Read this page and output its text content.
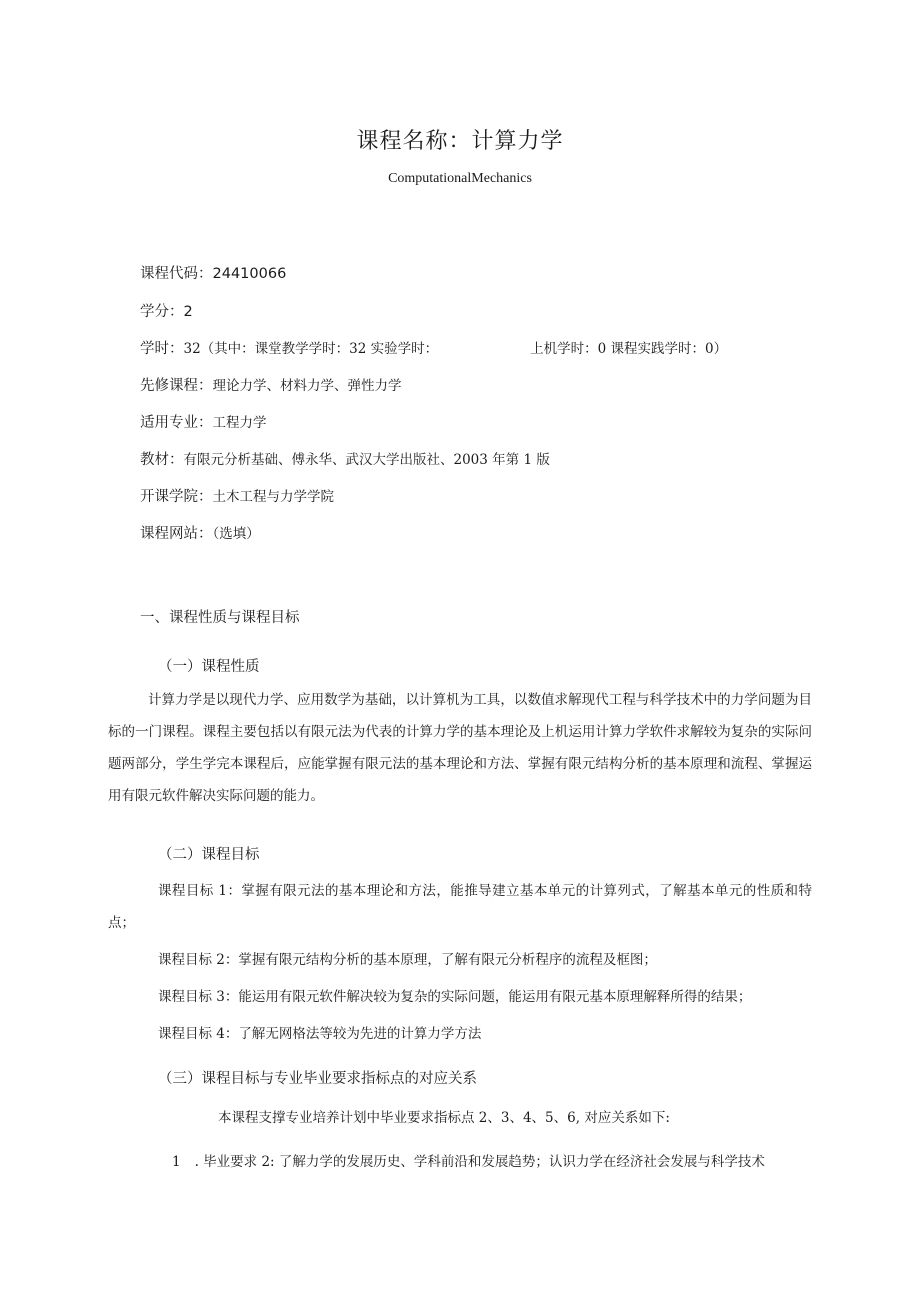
课程名称：计算力学
ComputationalMechanics
课程代码：24410066
学分：2
学时：32（其中：课堂教学学时：32 实验学时：	上机学时：0 课程实践学时：0）
先修课程：理论力学、材料力学、弹性力学
适用专业：工程力学
教材：有限元分析基础、傅永华、武汉大学出版社、2003 年第 1 版
开课学院：土木工程与力学学院
课程网站：（选填）
一、课程性质与课程目标
（一）课程性质
计算力学是以现代力学、应用数学为基础，以计算机为工具，以数值求解现代工程与科学技术中的力学问题为目标的一门课程。课程主要包括以有限元法为代表的计算力学的基本理论及上机运用计算力学软件求解较为复杂的实际问题两部分，学生学完本课程后，应能掌握有限元法的基本理论和方法、掌握有限元结构分析的基本原理和流程、掌握运用有限元软件解决实际问题的能力。
（二）课程目标
课程目标 1：掌握有限元法的基本理论和方法，能推导建立基本单元的计算列式，了解基本单元的性质和特点；
课程目标 2：掌握有限元结构分析的基本原理，了解有限元分析程序的流程及框图；
课程目标 3：能运用有限元软件解决较为复杂的实际问题，能运用有限元基本原理解释所得的结果；
课程目标 4：了解无网格法等较为先进的计算力学方法
（三）课程目标与专业毕业要求指标点的对应关系
本课程支撑专业培养计划中毕业要求指标点 2、3、4、5、6, 对应关系如下:
1 . 毕业要求 2: 了解力学的发展历史、学科前沿和发展趋势；认识力学在经济社会发展与科学技术
